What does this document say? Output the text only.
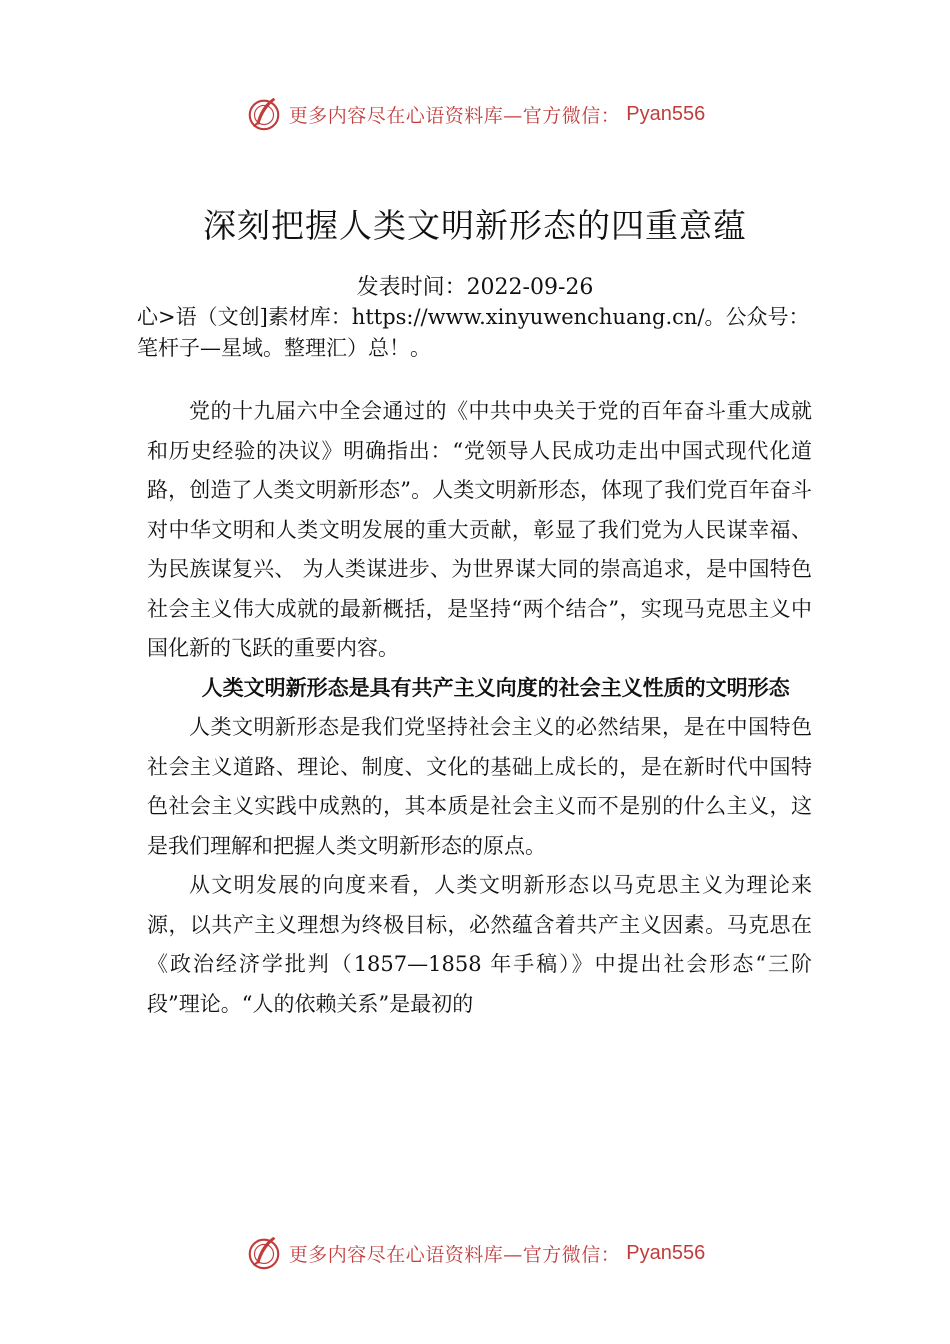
更多内容尽在心语资料库—官方微信： Pyan556
深刻把握人类文明新形态的四重意蕴
发表时间：2022-09-26
心>语（文创]素材库：https://www.xinyuwenchuang.cn/。公众号：笔杆子—星域。整理汇）总！。

党的十九届六中全会通过的《中共中央关于党的百年奋斗重大成就和历史经验的决议》明确指出：“党领导人民成功走出中国式现代化道路，创造了人类文明新形态”。人类文明新形态，体现了我们党百年奋斗对中华文明和人类文明发展的重大贡献，彰显了我们党为人民谋幸福、为民族谋复兴、 为人类谋进步、为世界谋大同的崇高追求，是中国特色社会主义伟大成就的最新概括，是坚持“两个结合”，实现马克思主义中国化新的飞跃的重要内容。

人类文明新形态是具有共产主义向度的社会主义性质的文明形态

人类文明新形态是我们党坚持社会主义的必然结果，是在中国特色社会主义道路、理论、制度、文化的基础上成长的，是在新时代中国特色社会主义实践中成熟的，其本质是社会主义而不是别的什么主义，这是我们理解和把握人类文明新形态的原点。

从文明发展的向度来看，人类文明新形态以马克思主义为理论来源，以共产主义理想为终极目标，必然蕴含着共产主义因素。马克思在《政治经济学批判（1857—1858 年手稿）》中提出社会形态“三阶段”理论。“人的依赖关系”是最初的

更多内容尽在心语资料库—官方微信： Pyan556
